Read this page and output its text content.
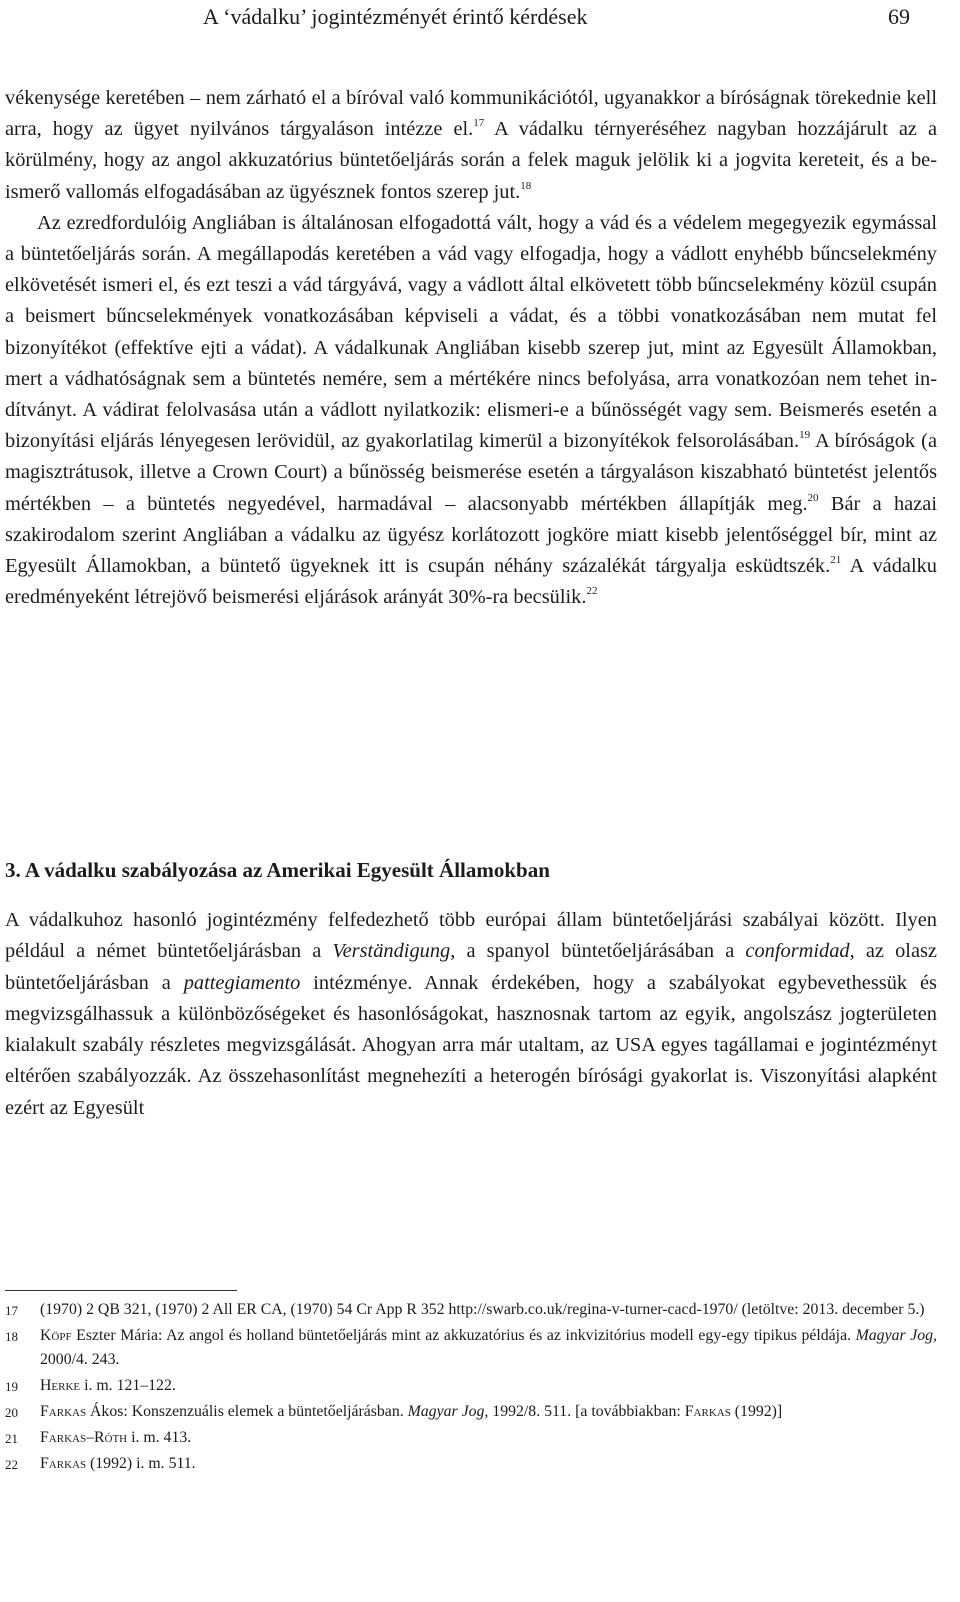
A ‘vádalku’ jogintézményét érintő kérdések	69

vékenysége keretében – nem zárható el a bíróval való kommunikációtól, ugyanakkor a bíróságnak törekednie kell arra, hogy az ügyet nyilvános tárgyaláson intézze el.$^{17}$ A vádalku térnyeréséhez nagyban hozzájárult az a körülmény, hogy az angol akkuzatórius büntetőeljárás során a felek maguk jelölik ki a jogvita kereteit, és a beismerő vallomás elfogadásában az ügyésznek fontos szerep jut.$^{18}$

Az ezredfordulóig Angliában is általánosan elfogadottá vált, hogy a vád és a védelem megegyezik egymással a büntetőeljárás során. A megállapodás keretében a vád vagy elfogadja, hogy a vádlott enyhébb bűncselekmény elkövetését ismeri el, és ezt teszi a vád tárgyává, vagy a vádlott által elkövetett több bűncselekmény közül csupán a beismert bűncselekmények vonatkozásában képviseli a vádat, és a többi vonatkozásában nem mutat fel bizonyítékot (effektíve ejti a vádat). A vádalkunak Angliában kisebb szerep jut, mint az Egyesült Államokban, mert a vádhatóságnak sem a büntetés nemére, sem a mértékére nincs befolyása, arra vonatkozóan nem tehet indítványt. A vádirat felolvasása után a vádlott nyilatkozik: elismeri-e a bűnösségét vagy sem. Beismerés esetén a bizonyítási eljárás lényegesen lerövidül, az gyakorlatilag kimerül a bizonyítékok felsorolásában.$^{19}$ A bíróságok (a magisztrátusok, illetve a Crown Court) a bűnösség beismerése esetén a tárgyaláson kiszabható büntetést jelentős mértékben – a büntetés negyedével, harmadával – alacsonyabb mértékben állapítják meg.$^{20}$ Bár a hazai szakirodalom szerint Angliában a vádalku az ügyész korlátozott jogköre miatt kisebb jelentőséggel bír, mint az Egyesült Államokban, a büntető ügyeknek itt is csupán néhány százalékát tárgyalja esküdtszék.$^{21}$ A vádalku eredményeként létrejövő beismerési eljárások arányát 30%-ra becsülik.$^{22}$

3. A vádalku szabályozása az Amerikai Egyesült Államokban

A vádalkuhoz hasonló jogintézmény felfedezhető több európai állam büntetőeljárási szabályai között. Ilyen például a német büntetőeljárásban a Verständigung, a spanyol büntetőeljárásában a conformidad, az olasz büntetőeljárásban a pattegiamento intézménye. Annak érdekében, hogy a szabályokat egybevethessük és megvizsgálhassuk a különbözőségeket és hasonlóságokat, hasznosnak tartom az egyik, angolszász jogterületen kialakult szabály részletes megvizsgálását. Ahogyan arra már utaltam, az USA egyes tagállamai e jogintézményt eltérően szabályozzák. Az összehasonlítást megnehezíti a heterogén bírósági gyakorlat is. Viszonyítási alapként ezért az Egyesült

17 (1970) 2 QB 321, (1970) 2 All ER CA, (1970) 54 Cr App R 352 http://swarb.co.uk/regina-v-turner-cacd-1970/ (letöltve: 2013. december 5.)
18 Köpf Eszter Mária: Az angol és holland büntetőeljárás mint az akkuzatórius és az inkvizitórius modell egy-egy tipikus példája. Magyar Jog, 2000/4. 243.
19 Herke i. m. 121–122.
20 Farkas Ákos: Konszenzuális elemek a büntetőeljárásban. Magyar Jog, 1992/8. 511. [a továbbiakban: Farkas (1992)]
21 Farkas–Róth i. m. 413.
22 Farkas (1992) i. m. 511.
